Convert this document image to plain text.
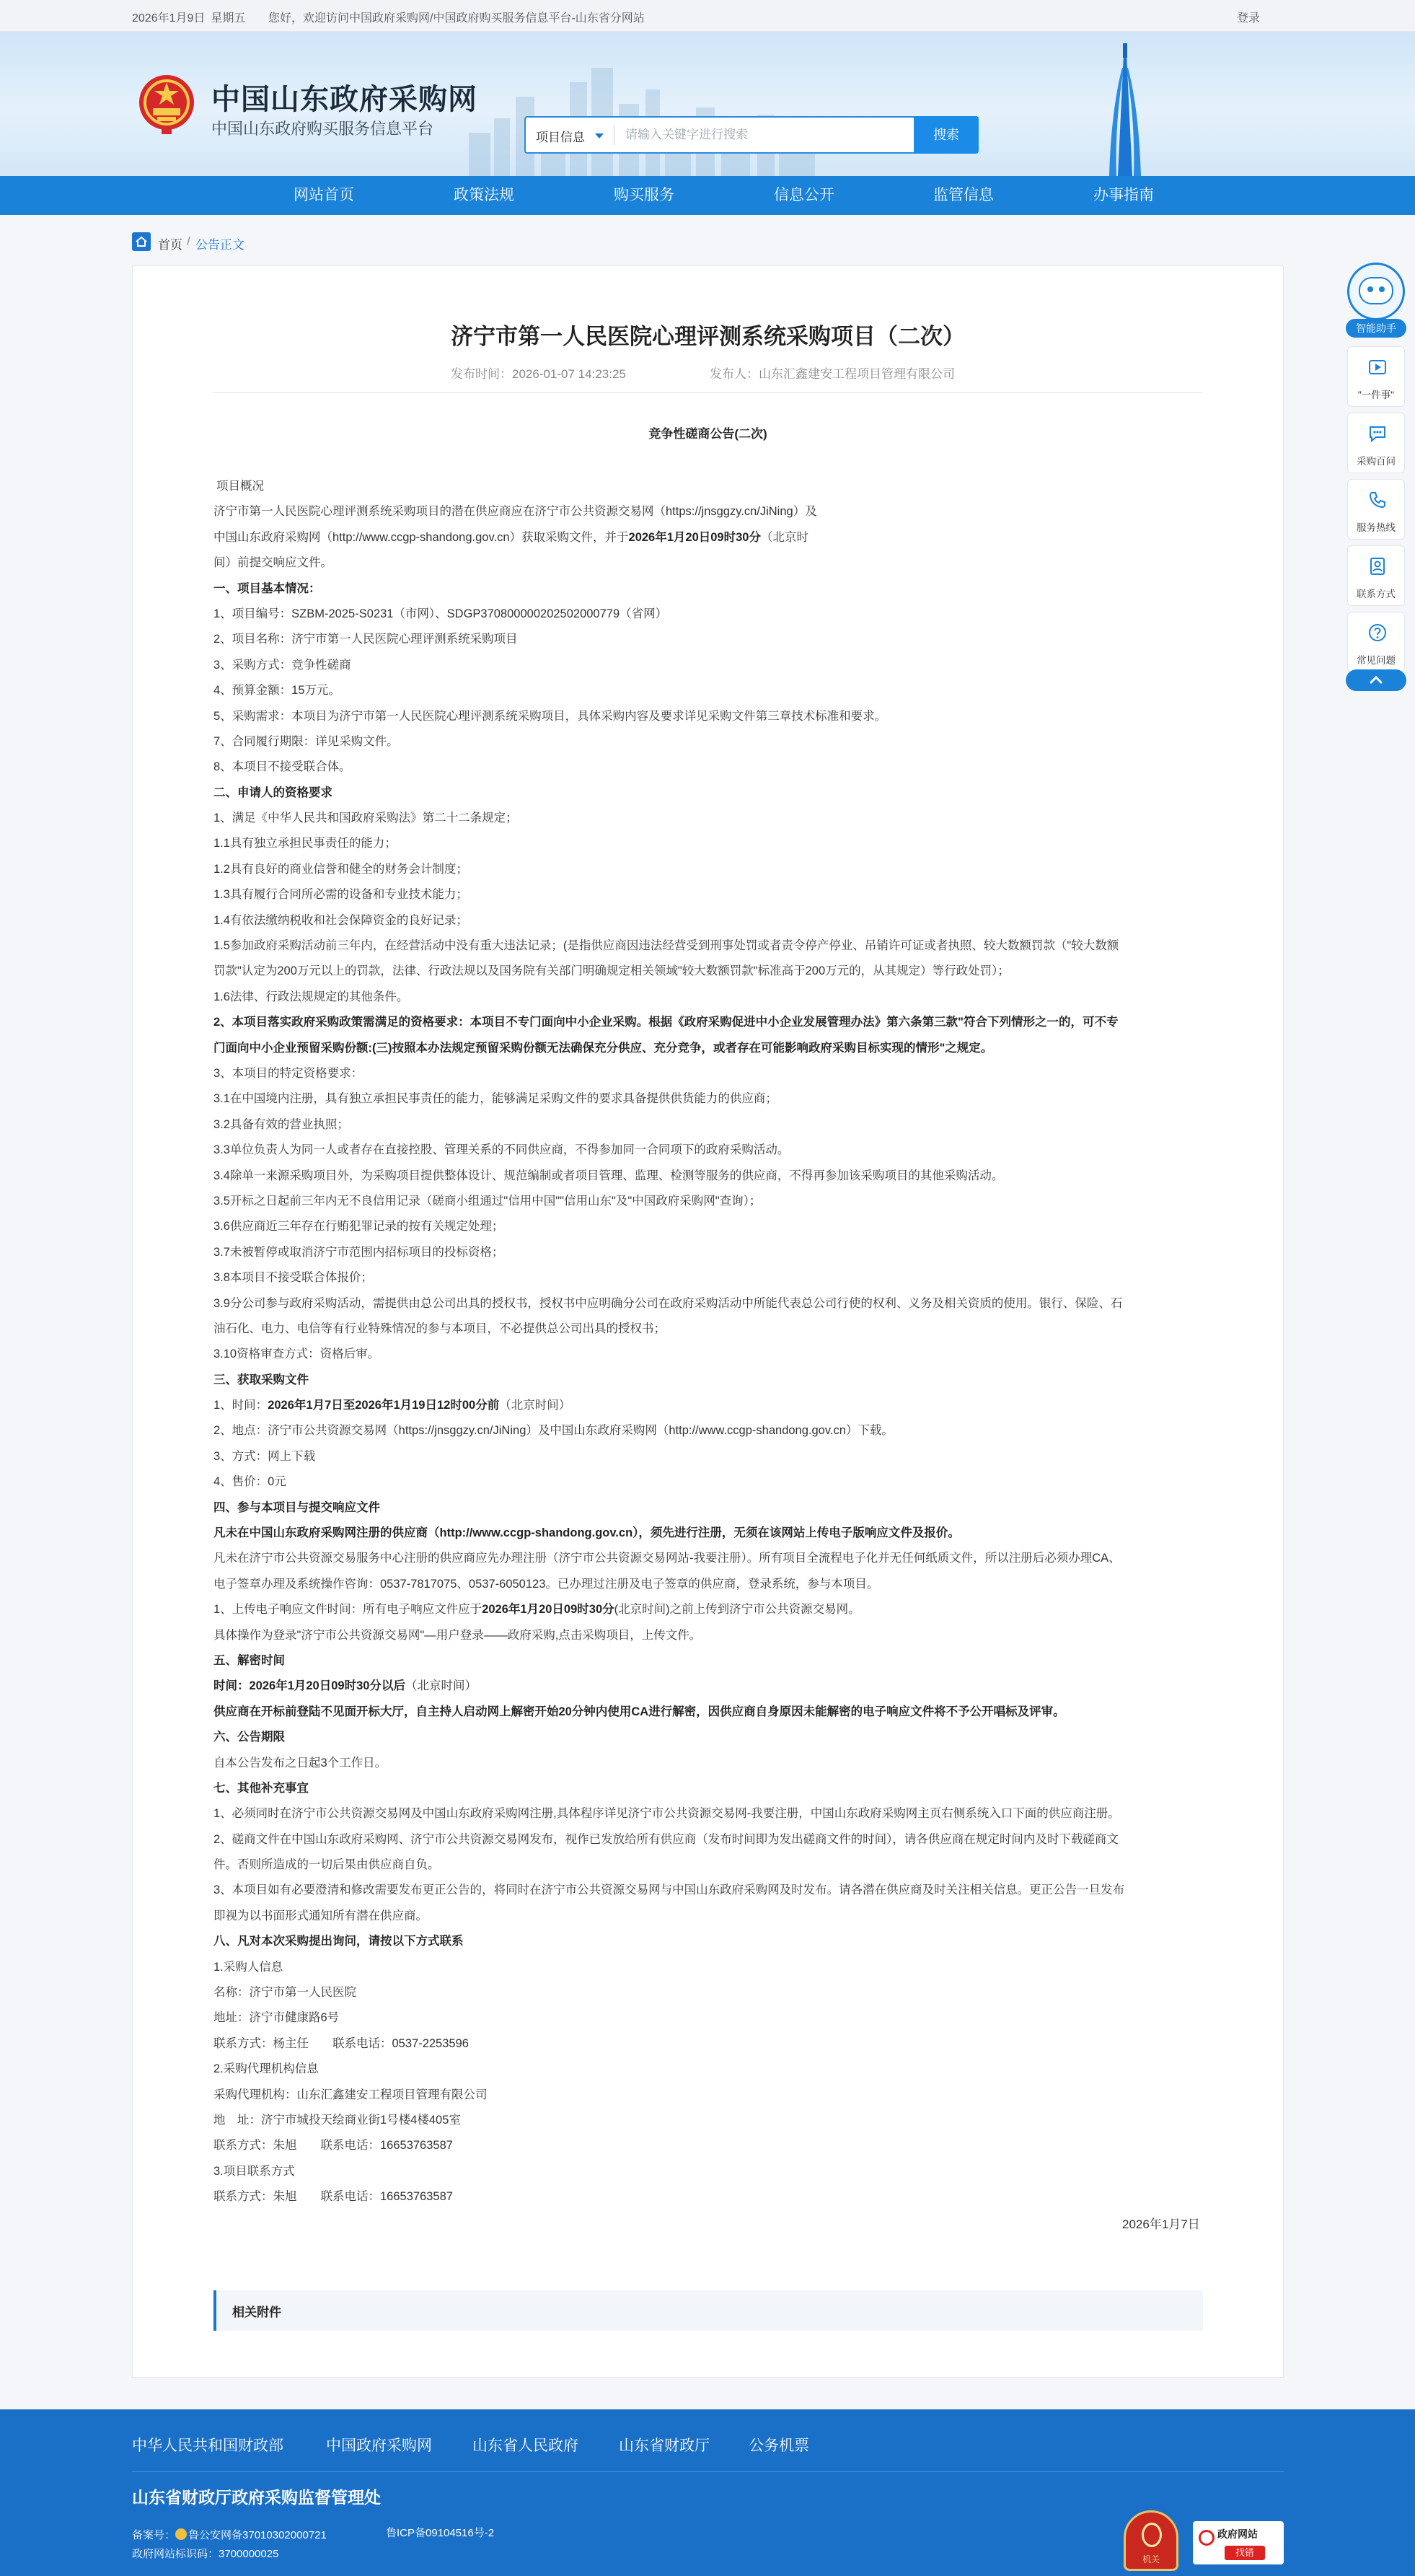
2026年1月9日 星期五 您好，欢迎访问中国政府采购网/中国政府购买服务信息平台-山东省分网站	登录
中国山东政府采购网
中国山东政府购买服务信息平台	项目信息
请输入关键字进行搜索	搜索
网站首页	政策法规	购买服务	信息公开	监管信息	办事指南
首页 / 公告正文
济宁市第一人民医院心理评测系统采购项目（二次）
发布时间：2026-01-07 14:23:25	发布人：山东汇鑫建安工程项目管理有限公司
竞争性磋商公告(二次)

项目概况

济宁市第一人民医院心理评测系统采购项目的潜在供应商应在济宁市公共资源交易网（https://jnsggzy.cn/JiNing）及

中国山东政府采购网（http://www.ccgp-shandong.gov.cn）获取采购文件，并于2026年1月20日09时30分（北京时

间）前提交响应文件。

一、项目基本情况：

1、项目编号：SZBM-2025-S0231（市网）、SDGP370800000202502000779（省网）

2、项目名称：济宁市第一人民医院心理评测系统采购项目

3、采购方式：竞争性磋商

4、预算金额：15万元。

5、采购需求：本项目为济宁市第一人民医院心理评测系统采购项目，具体采购内容及要求详见采购文件第三章技术标准和要求。

7、合同履行期限：详见采购文件。

8、本项目不接受联合体。

二、申请人的资格要求

1、满足《中华人民共和国政府采购法》第二十二条规定；

1.1具有独立承担民事责任的能力；

1.2具有良好的商业信誉和健全的财务会计制度；

1.3具有履行合同所必需的设备和专业技术能力；

1.4有依法缴纳税收和社会保障资金的良好记录；

1.5参加政府采购活动前三年内，在经营活动中没有重大违法记录；(是指供应商因违法经营受到刑事处罚或者责令停产停业、吊销许可证或者执照、较大数额罚款（"较大数额

罚款"认定为200万元以上的罚款，法律、行政法规以及国务院有关部门明确规定相关领域"较大数额罚款"标准高于200万元的，从其规定）等行政处罚）；

1.6法律、行政法规规定的其他条件。

2、本项目落实政府采购政策需满足的资格要求：本项目不专门面向中小企业采购。根据《政府采购促进中小企业发展管理办法》第六条第三款"符合下列情形之一的，可不专

门面向中小企业预留采购份额:(三)按照本办法规定预留采购份额无法确保充分供应、充分竞争，或者存在可能影响政府采购目标实现的情形"之规定。

3、本项目的特定资格要求：

3.1在中国境内注册，具有独立承担民事责任的能力，能够满足采购文件的要求具备提供供货能力的供应商；

3.2具备有效的营业执照；

3.3单位负责人为同一人或者存在直接控股、管理关系的不同供应商，不得参加同一合同项下的政府采购活动。

3.4除单一来源采购项目外，为采购项目提供整体设计、规范编制或者项目管理、监理、检测等服务的供应商，不得再参加该采购项目的其他采购活动。

3.5开标之日起前三年内无不良信用记录（磋商小组通过"信用中国""信用山东"及"中国政府采购网"查询）；

3.6供应商近三年存在行贿犯罪记录的按有关规定处理；

3.7未被暂停或取消济宁市范围内招标项目的投标资格；

3.8本项目不接受联合体报价；

3.9分公司参与政府采购活动，需提供由总公司出具的授权书，授权书中应明确分公司在政府采购活动中所能代表总公司行使的权利、义务及相关资质的使用。银行、保险、石

油石化、电力、电信等有行业特殊情况的参与本项目，不必提供总公司出具的授权书；

3.10资格审查方式：资格后审。

三、获取采购文件

1、时间：2026年1月7日至2026年1月19日12时00分前（北京时间）

2、地点：济宁市公共资源交易网（https://jnsggzy.cn/JiNing）及中国山东政府采购网（http://www.ccgp-shandong.gov.cn）下载。

3、方式：网上下载

4、售价：0元

四、参与本项目与提交响应文件

凡未在中国山东政府采购网注册的供应商（http://www.ccgp-shandong.gov.cn），须先进行注册，无须在该网站上传电子版响应文件及报价。

凡未在济宁市公共资源交易服务中心注册的供应商应先办理注册（济宁市公共资源交易网站-我要注册）。所有项目全流程电子化并无任何纸质文件，所以注册后必须办理CA、

电子签章办理及系统操作咨询：0537-7817075、0537-6050123。已办理过注册及电子签章的供应商，登录系统，参与本项目。

1、上传电子响应文件时间：所有电子响应文件应于2026年1月20日09时30分(北京时间)之前上传到济宁市公共资源交易网。

具体操作为登录"济宁市公共资源交易网"—用户登录——政府采购,点击采购项目，上传文件。

五、解密时间

时间：2026年1月20日09时30分以后（北京时间）

供应商在开标前登陆不见面开标大厅，自主持人启动网上解密开始20分钟内使用CA进行解密，因供应商自身原因未能解密的电子响应文件将不予公开唱标及评审。

六、公告期限

自本公告发布之日起3个工作日。

七、其他补充事宜

1、必须同时在济宁市公共资源交易网及中国山东政府采购网注册,具体程序详见济宁市公共资源交易网-我要注册，中国山东政府采购网主页右侧系统入口下面的供应商注册。

2、磋商文件在中国山东政府采购网、济宁市公共资源交易网发布，视作已发放给所有供应商（发布时间即为发出磋商文件的时间），请各供应商在规定时间内及时下载磋商文

件。否则所造成的一切后果由供应商自负。

3、本项目如有必要澄清和修改需要发布更正公告的，将同时在济宁市公共资源交易网与中国山东政府采购网及时发布。请各潜在供应商及时关注相关信息。更正公告一旦发布

即视为以书面形式通知所有潜在供应商。

八、凡对本次采购提出询问，请按以下方式联系

1.采购人信息

名称：济宁市第一人民医院

地址：济宁市健康路6号

联系方式：杨主任　　联系电话：0537-2253596

2.采购代理机构信息

采购代理机构：山东汇鑫建安工程项目管理有限公司

地　址：济宁市城投天绘商业街1号楼4楼405室

联系方式：朱旭　　联系电话：16653763587

3.项目联系方式

联系方式：朱旭　　联系电话：16653763587

2026年1月7日
相关附件
智能助手
"一件事"
采购百问
服务热线
联系方式
常见问题
中华人民共和国财政部	中国政府采购网	山东省人民政府	山东省财政厅	公务机票
山东省财政厅政府采购监督管理处
备案号： 鲁公安网备37010302000721	鲁ICP备09104516号-2
政府网站标识码：3700000025	机关
政府网站
找错
